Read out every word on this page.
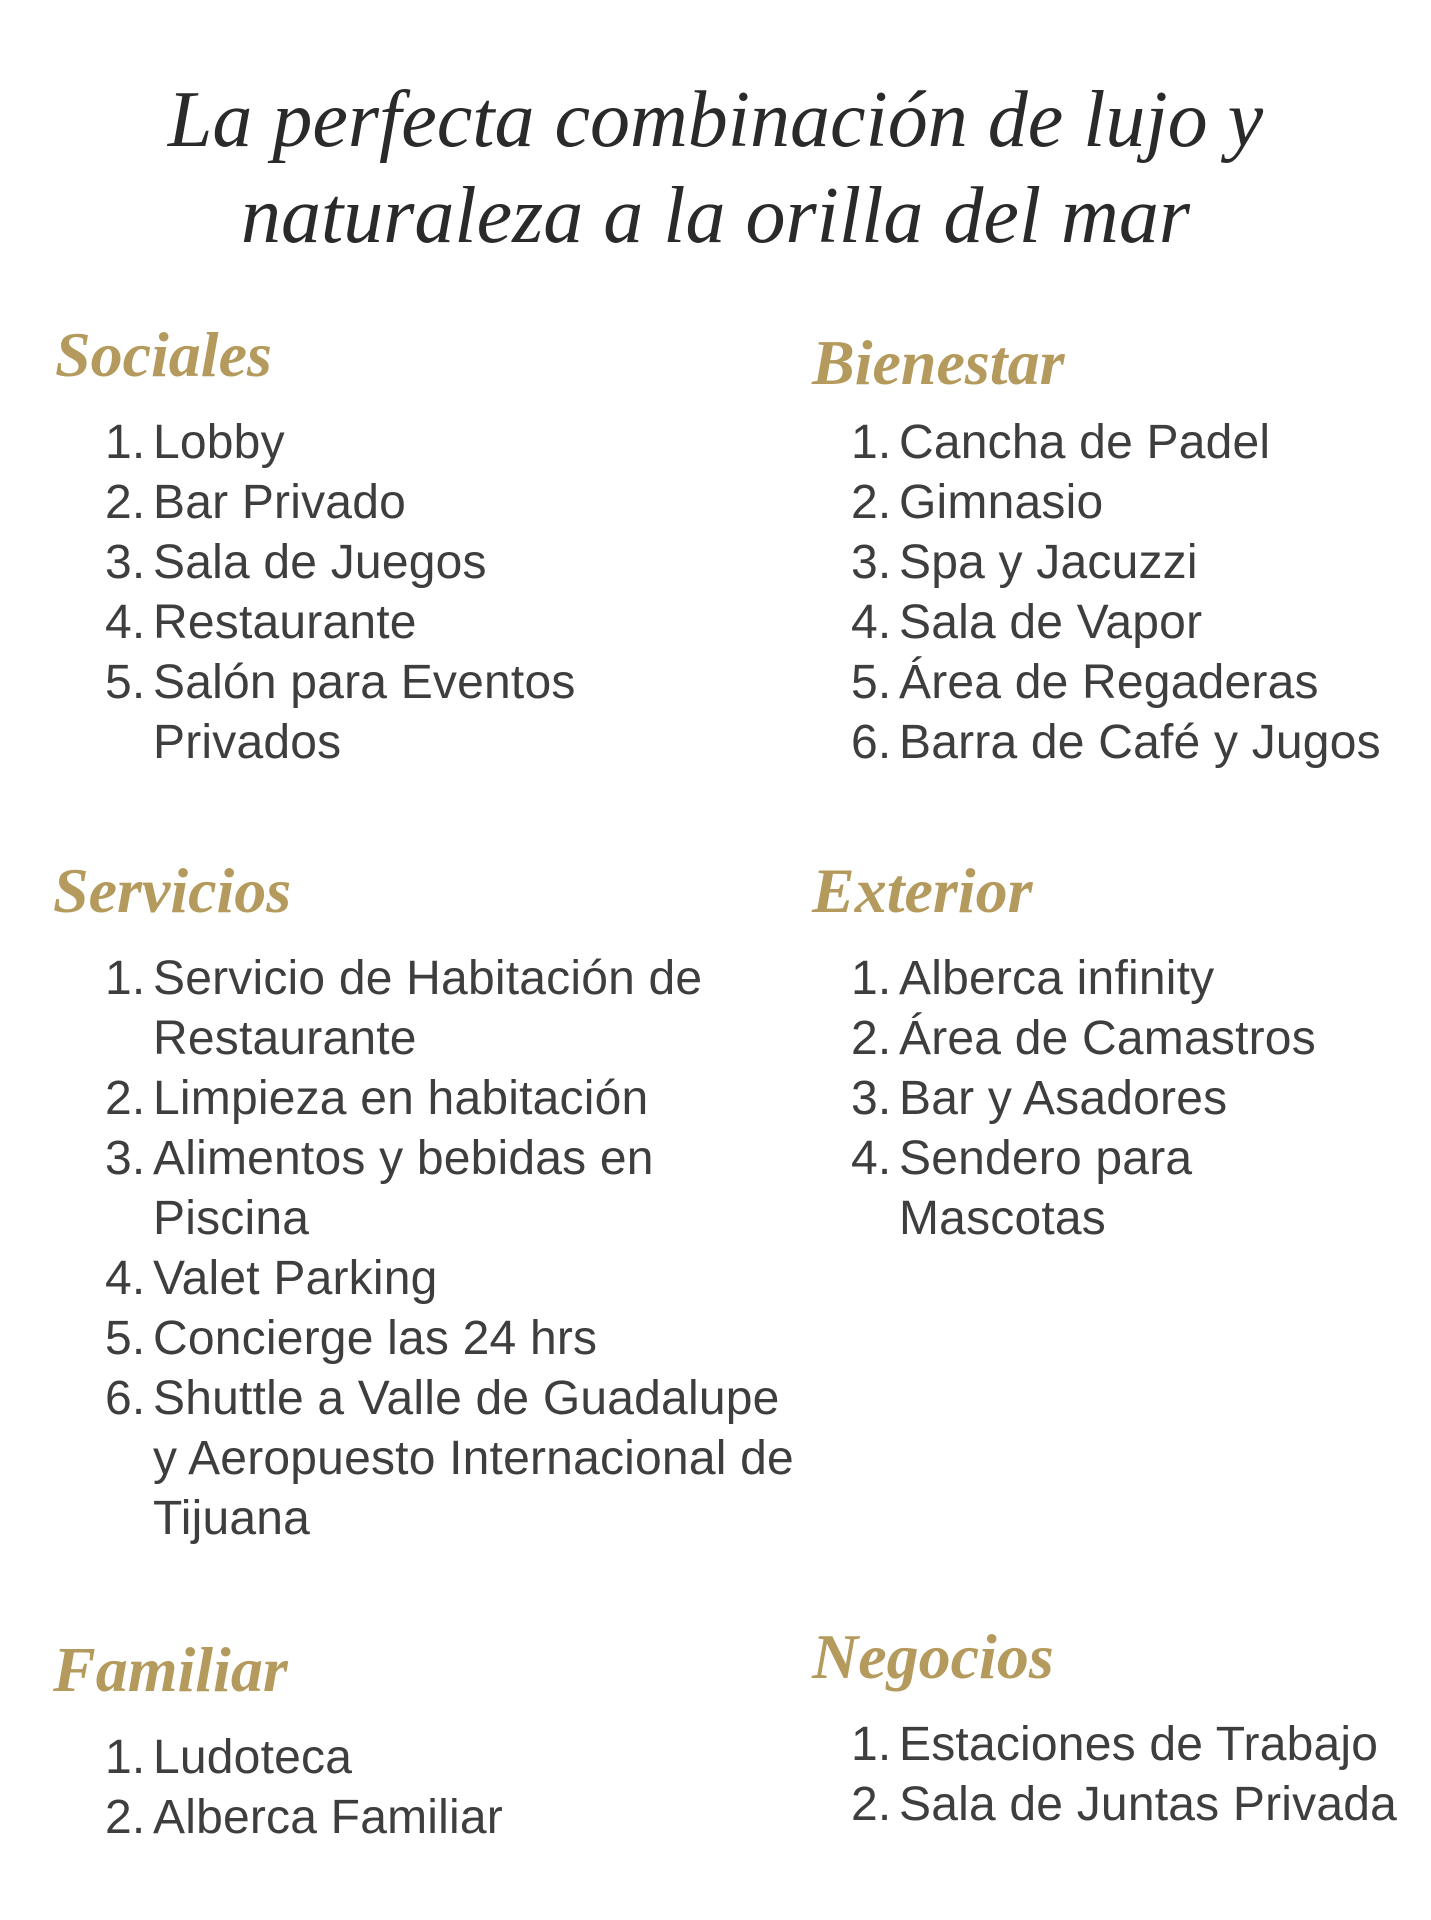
La perfecta combinación de lujo y
naturaleza a la orilla del mar
Sociales
1. Lobby
2. Bar Privado
3. Sala de Juegos
4. Restaurante
5. Salón para Eventos
Privados
Bienestar
1. Cancha de Padel
2. Gimnasio
3. Spa y Jacuzzi
4. Sala de Vapor
5. Área de Regaderas
6. Barra de Café y Jugos
Servicios
1. Servicio de Habitación de
Restaurante
2. Limpieza en habitación
3. Alimentos y bebidas en
Piscina
4. Valet Parking
5. Concierge las 24 hrs
6. Shuttle a Valle de Guadalupe
y Aeropuesto Internacional de
Tijuana
Exterior
1. Alberca infinity
2. Área de Camastros
3. Bar y Asadores
4. Sendero para
Mascotas
Familiar
1. Ludoteca
2. Alberca Familiar
Negocios
1. Estaciones de Trabajo
2. Sala de Juntas Privada
